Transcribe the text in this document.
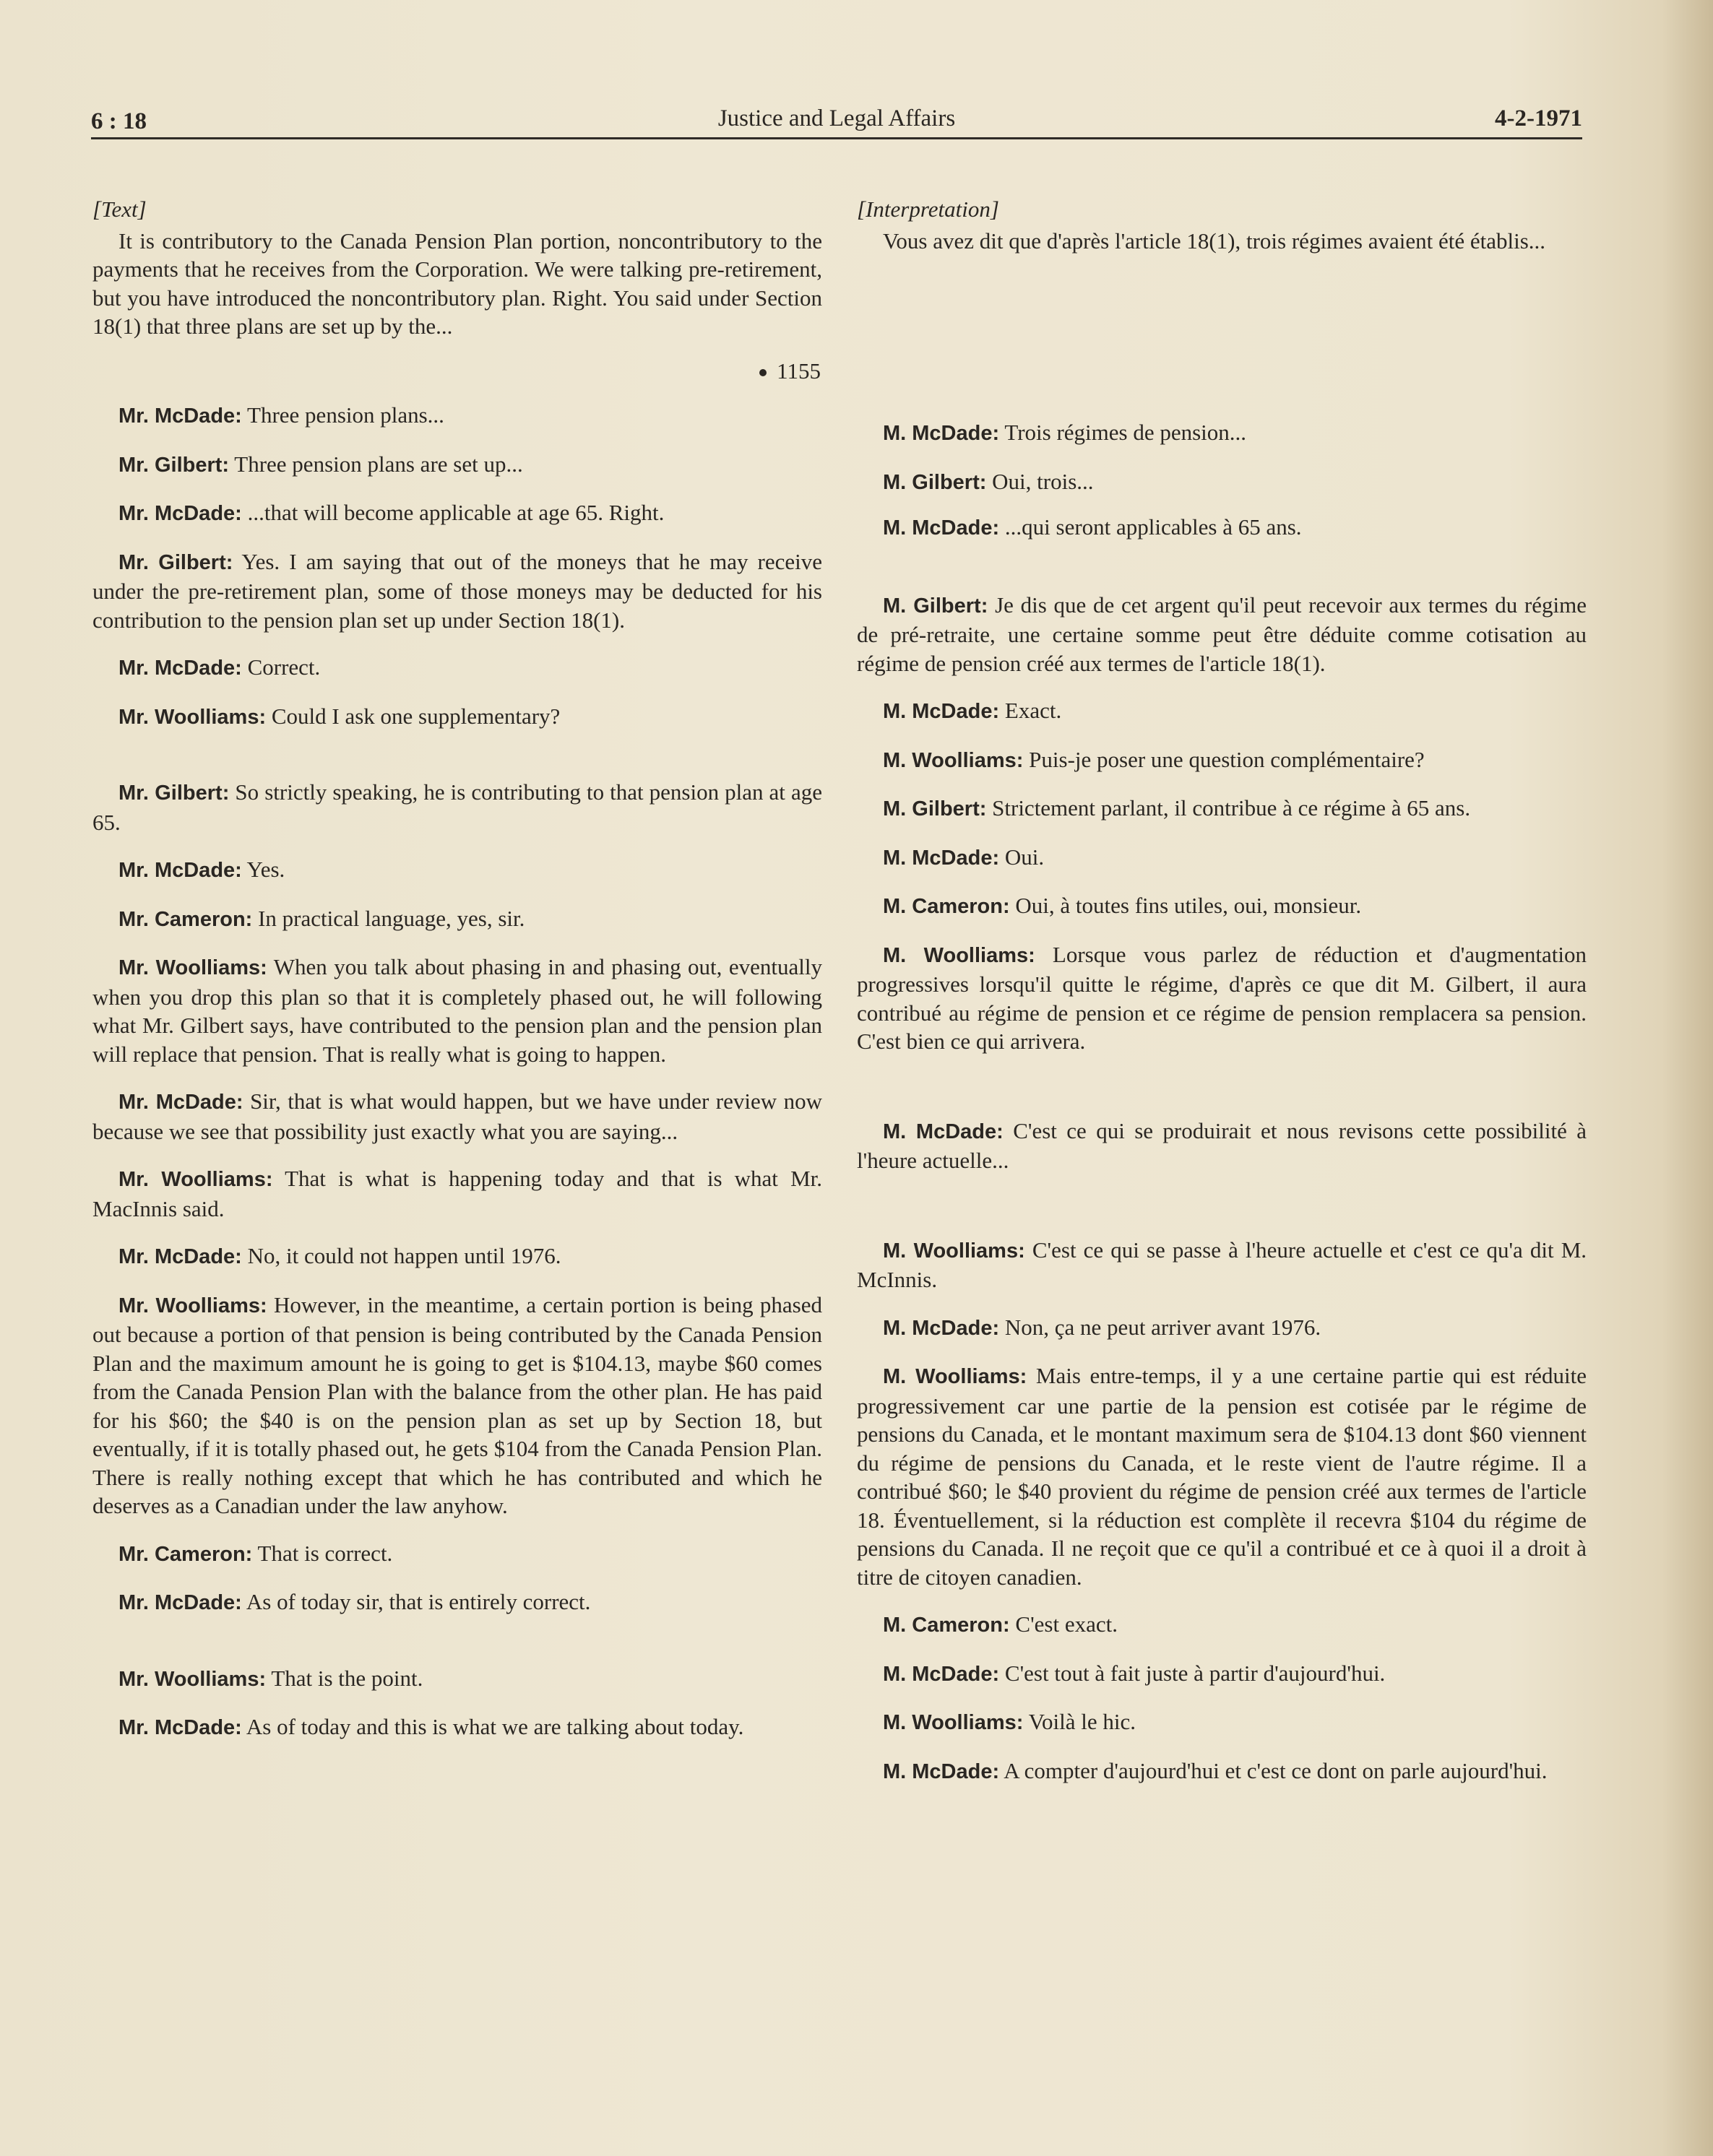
6 : 18	Justice and Legal Affairs	4-2-1971

[Text]

It is contributory to the Canada Pension Plan portion, noncontributory to the payments that he receives from the Corporation. We were talking pre-retirement, but you have introduced the noncontributory plan. Right. You said under Section 18(1) that three plans are set up by the...

1155

Mr. McDade: Three pension plans...

Mr. Gilbert: Three pension plans are set up...

Mr. McDade: ...that will become applicable at age 65. Right.

Mr. Gilbert: Yes. I am saying that out of the moneys that he may receive under the pre-retirement plan, some of those moneys may be deducted for his contribution to the pension plan set up under Section 18(1).

Mr. McDade: Correct.

Mr. Woolliams: Could I ask one supplementary?

Mr. Gilbert: So strictly speaking, he is contributing to that pension plan at age 65.

Mr. McDade: Yes.

Mr. Cameron: In practical language, yes, sir.

Mr. Woolliams: When you talk about phasing in and phasing out, eventually when you drop this plan so that it is completely phased out, he will following what Mr. Gilbert says, have contributed to the pension plan and the pension plan will replace that pension. That is really what is going to happen.

Mr. McDade: Sir, that is what would happen, but we have under review now because we see that possibility just exactly what you are saying...

Mr. Woolliams: That is what is happening today and that is what Mr. MacInnis said.

Mr. McDade: No, it could not happen until 1976.

Mr. Woolliams: However, in the meantime, a certain portion is being phased out because a portion of that pension is being contributed by the Canada Pension Plan and the maximum amount he is going to get is $104.13, maybe $60 comes from the Canada Pension Plan with the balance from the other plan. He has paid for his $60; the $40 is on the pension plan as set up by Section 18, but eventually, if it is totally phased out, he gets $104 from the Canada Pension Plan. There is really nothing except that which he has contributed and which he deserves as a Canadian under the law anyhow.

Mr. Cameron: That is correct.

Mr. McDade: As of today sir, that is entirely correct.

Mr. Woolliams: That is the point.

Mr. McDade: As of today and this is what we are talking about today.

[Interpretation]

Vous avez dit que d'après l'article 18(1), trois régimes avaient été établis...

M. McDade: Trois régimes de pension...

M. Gilbert: Oui, trois...

M. McDade: ...qui seront applicables à 65 ans.

M. Gilbert: Je dis que de cet argent qu'il peut recevoir aux termes du régime de pré-retraite, une certaine somme peut être déduite comme cotisation au régime de pension créé aux termes de l'article 18(1).

M. McDade: Exact.

M. Woolliams: Puis-je poser une question complémentaire?

M. Gilbert: Strictement parlant, il contribue à ce régime à 65 ans.

M. McDade: Oui.

M. Cameron: Oui, à toutes fins utiles, oui, monsieur.

M. Woolliams: Lorsque vous parlez de réduction et d'augmentation progressives lorsqu'il quitte le régime, d'après ce que dit M. Gilbert, il aura contribué au régime de pension et ce régime de pension remplacera sa pension. C'est bien ce qui arrivera.

M. McDade: C'est ce qui se produirait et nous revisons cette possibilité à l'heure actuelle...

M. Woolliams: C'est ce qui se passe à l'heure actuelle et c'est ce qu'a dit M. McInnis.

M. McDade: Non, ça ne peut arriver avant 1976.

M. Woolliams: Mais entre-temps, il y a une certaine partie qui est réduite progressivement car une partie de la pension est cotisée par le régime de pensions du Canada, et le montant maximum sera de $104.13 dont $60 viennent du régime de pensions du Canada, et le reste vient de l'autre régime. Il a contribué $60; le $40 provient du régime de pension créé aux termes de l'article 18. Éventuellement, si la réduction est complète il recevra $104 du régime de pensions du Canada. Il ne reçoit que ce qu'il a contribué et ce à quoi il a droit à titre de citoyen canadien.

M. Cameron: C'est exact.

M. McDade: C'est tout à fait juste à partir d'aujourd'hui.

M. Woolliams: Voilà le hic.

M. McDade: A compter d'aujourd'hui et c'est ce dont on parle aujourd'hui.
